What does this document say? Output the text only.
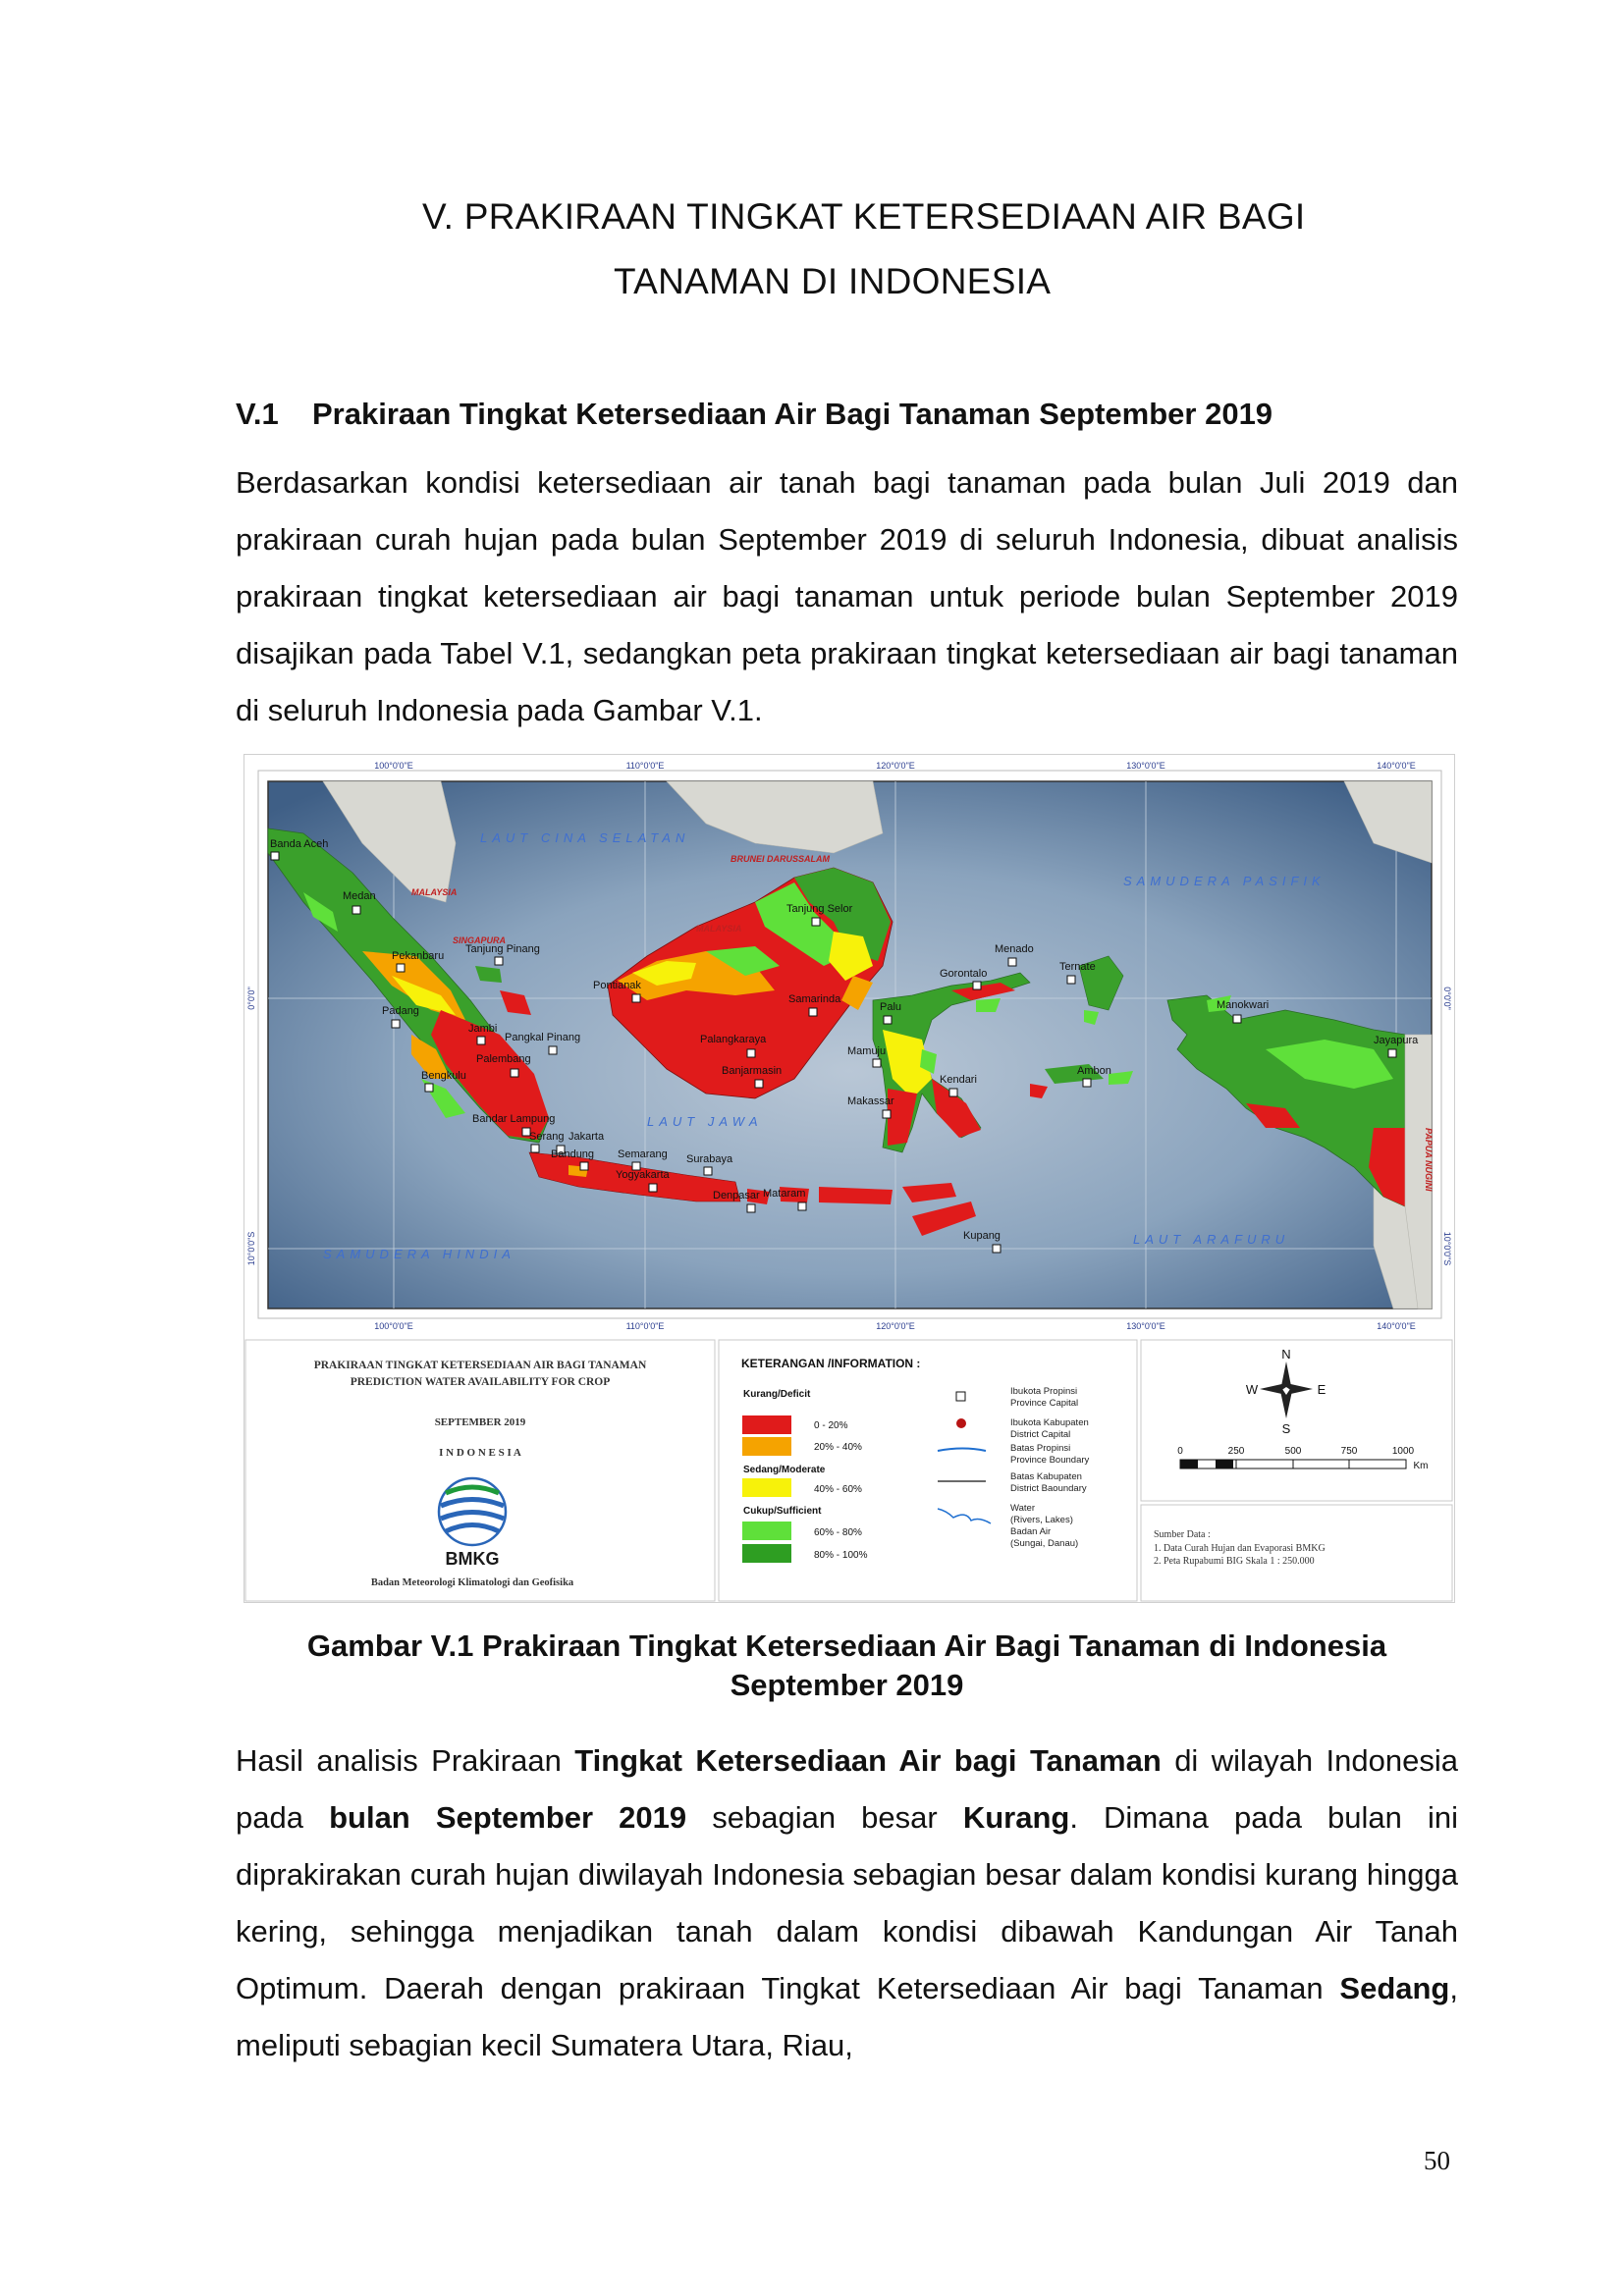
V. PRAKIRAAN TINGKAT KETERSEDIAAN AIR BAGI
TANAMAN DI INDONESIA
V.1 Prakiraan Tingkat Ketersediaan Air Bagi Tanaman September 2019

Berdasarkan kondisi ketersediaan air tanah bagi tanaman pada bulan Juli 2019 dan prakiraan curah hujan pada bulan September 2019 di seluruh Indonesia, dibuat analisis prakiraan tingkat ketersediaan air bagi tanaman untuk periode bulan September 2019 disajikan pada Tabel V.1, sedangkan peta prakiraan tingkat ketersediaan air bagi tanaman di seluruh Indonesia pada Gambar V.1.

100°0'0"E	110°0'0"E	120°0'0"E	130°0'0"E	140°0'0"E
100°0'0"E	110°0'0"E	120°0'0"E	130°0'0"E	140°0'0"E
0°0'0"
10°0'0"S
0°0'0"
10°0'0"S
LAUT CINA SELATAN
SAMUDERA PASIFIK
LAUT JAWA
SAMUDERA HINDIA
LAUT ARAFURU
MALAYSIA
MALAYSIA
SINGAPURA
BRUNEI DARUSSALAM
PAPUA NUGINI
Banda Aceh
Medan
Pekanbaru
Tanjung Pinang
Padang
Jambi
Pangkal Pinang
Palembang
Bengkulu
Bandar Lampung
Serang Jakarta
Bandung Semarang
Yogyakarta
Surabaya
Denpasar Mataram
Pontianak
Palangkaraya
Banjarmasin
Samarinda
Tanjung Selor
Menado
Gorontalo
Ternate
Palu
Mamuju
Makassar
Kendari
Ambon
Manokwari
Jayapura
Kupang
PRAKIRAAN TINGKAT KETERSEDIAAN AIR BAGI TANAMAN
PREDICTION WATER AVAILABILITY FOR CROP
SEPTEMBER 2019
I N D O N E S I A
BMKG
Badan Meteorologi Klimatologi dan Geofisika
KETERANGAN /INFORMATION :
Kurang/Deficit
0 - 20%
20% - 40%
Sedang/Moderate
40% - 60%
Cukup/Sufficient
60% - 80%
80% - 100%
Ibukota Propinsi
Province Capital
Ibukota Kabupaten
District Capital
Batas Propinsi
Province Boundary
Batas Kabupaten
District Baoundary
Water
(Rivers, Lakes)
Badan Air
(Sungai, Danau)
N
S
W	E
0	250	500	750	1000
Km
Sumber Data :
1. Data Curah Hujan dan Evaporasi BMKG
2. Peta Rupabumi BIG Skala 1 : 250.000
Gambar V.1 Prakiraan Tingkat Ketersediaan Air Bagi Tanaman di Indonesia
September 2019

Hasil analisis Prakiraan Tingkat Ketersediaan Air bagi Tanaman di wilayah Indonesia pada bulan September 2019 sebagian besar Kurang. Dimana pada bulan ini diprakirakan curah hujan diwilayah Indonesia sebagian besar dalam kondisi kurang hingga kering, sehingga menjadikan tanah dalam kondisi dibawah Kandungan Air Tanah Optimum. Daerah dengan prakiraan Tingkat Ketersediaan Air bagi Tanaman Sedang, meliputi sebagian kecil Sumatera Utara, Riau,

50
